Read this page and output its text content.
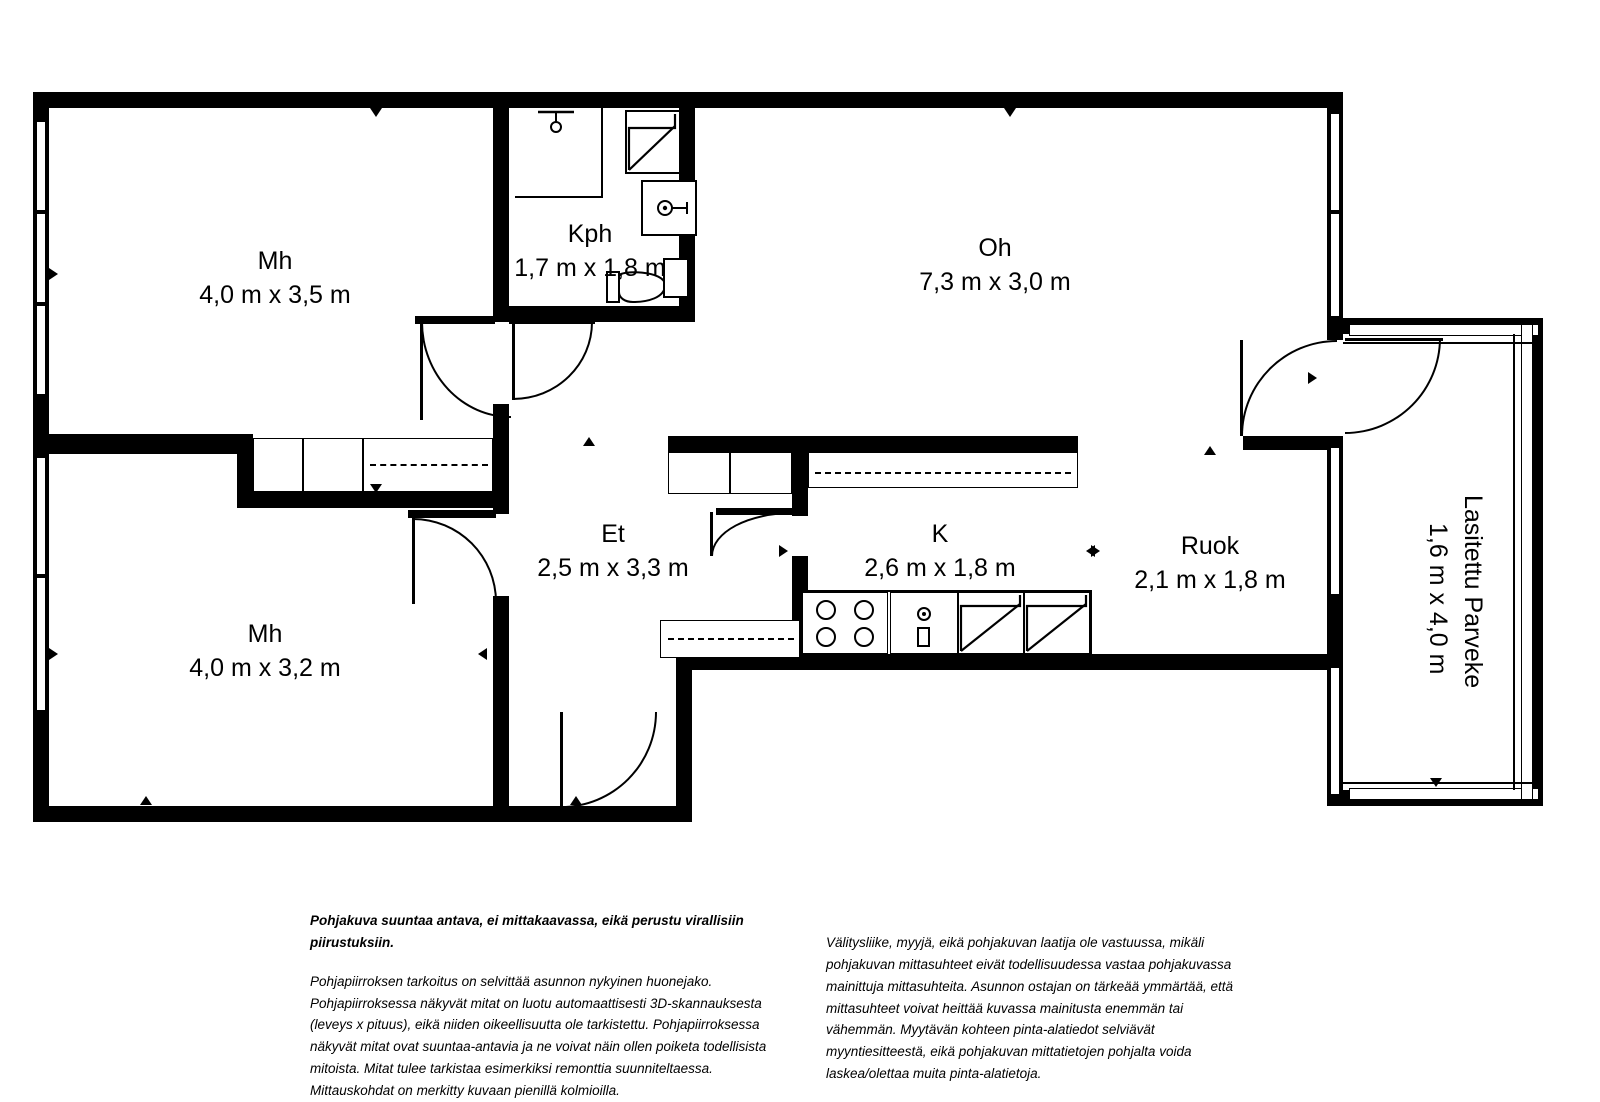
Mh
4,0 m x 3,5 m
Kph
1,7 m x 1,8 m
Oh
7,3 m x 3,0 m
Et
2,5 m x 3,3 m
K
2,6 m x 1,8 m
Ruok
2,1 m x 1,8 m
Mh
4,0 m x 3,2 m	Lasitettu Parveke
1,6 m x 4,0 m
Pohjakuva suuntaa antava, ei mittakaavassa, eikä perustu virallisiin piirustuksiin.
Pohjapiirroksen tarkoitus on selvittää asunnon nykyinen huonejako. Pohjapiirroksessa näkyvät mitat on luotu automaattisesti 3D-skannauksesta (leveys x pituus), eikä niiden oikeellisuutta ole tarkistettu. Pohjapiirroksessa näkyvät mitat ovat suuntaa-antavia ja ne voivat näin ollen poiketa todellisista mitoista. Mitat tulee tarkistaa esimerkiksi remonttia suunniteltaessa. Mittauskohdat on merkitty kuvaan pienillä kolmioilla.
Välitysliike, myyjä, eikä pohjakuvan laatija ole vastuussa, mikäli pohjakuvan mittasuhteet eivät todellisuudessa vastaa pohjakuvassa mainittuja mittasuhteita. Asunnon ostajan on tärkeää ymmärtää, että mittasuhteet voivat heittää kuvassa mainitusta enemmän tai vähemmän. Myytävän kohteen pinta-alatiedot selviävät myyntiesitteestä, eikä pohjakuvan mittatietojen pohjalta voida laskea/olettaa muita pinta-alatietoja.
